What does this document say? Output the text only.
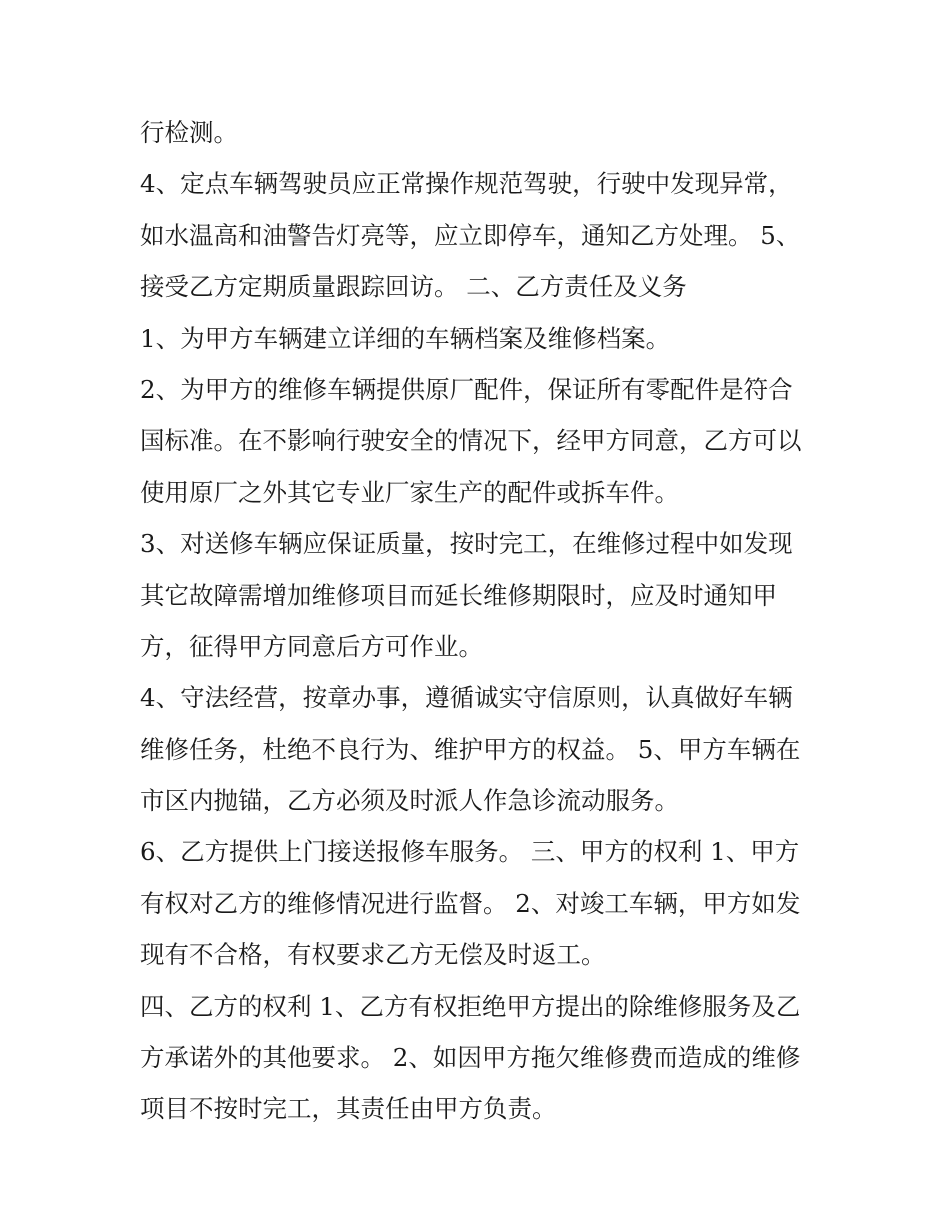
行检测。
4、定点车辆驾驶员应正常操作规范驾驶，行驶中发现异常，
如水温高和油警告灯亮等，应立即停车，通知乙方处理。 5、
接受乙方定期质量跟踪回访。 二、乙方责任及义务
1、为甲方车辆建立详细的车辆档案及维修档案。
2、为甲方的维修车辆提供原厂配件，保证所有零配件是符合
国标准。在不影响行驶安全的情况下，经甲方同意，乙方可以
使用原厂之外其它专业厂家生产的配件或拆车件。
3、对送修车辆应保证质量，按时完工，在维修过程中如发现
其它故障需增加维修项目而延长维修期限时，应及时通知甲
方，征得甲方同意后方可作业。
4、守法经营，按章办事，遵循诚实守信原则，认真做好车辆
维修任务，杜绝不良行为、维护甲方的权益。 5、甲方车辆在
市区内抛锚，乙方必须及时派人作急诊流动服务。
6、乙方提供上门接送报修车服务。 三、甲方的权利 1、甲方
有权对乙方的维修情况进行监督。 2、对竣工车辆，甲方如发
现有不合格，有权要求乙方无偿及时返工。
四、乙方的权利 1、乙方有权拒绝甲方提出的除维修服务及乙
方承诺外的其他要求。 2、如因甲方拖欠维修费而造成的维修
项目不按时完工，其责任由甲方负责。
